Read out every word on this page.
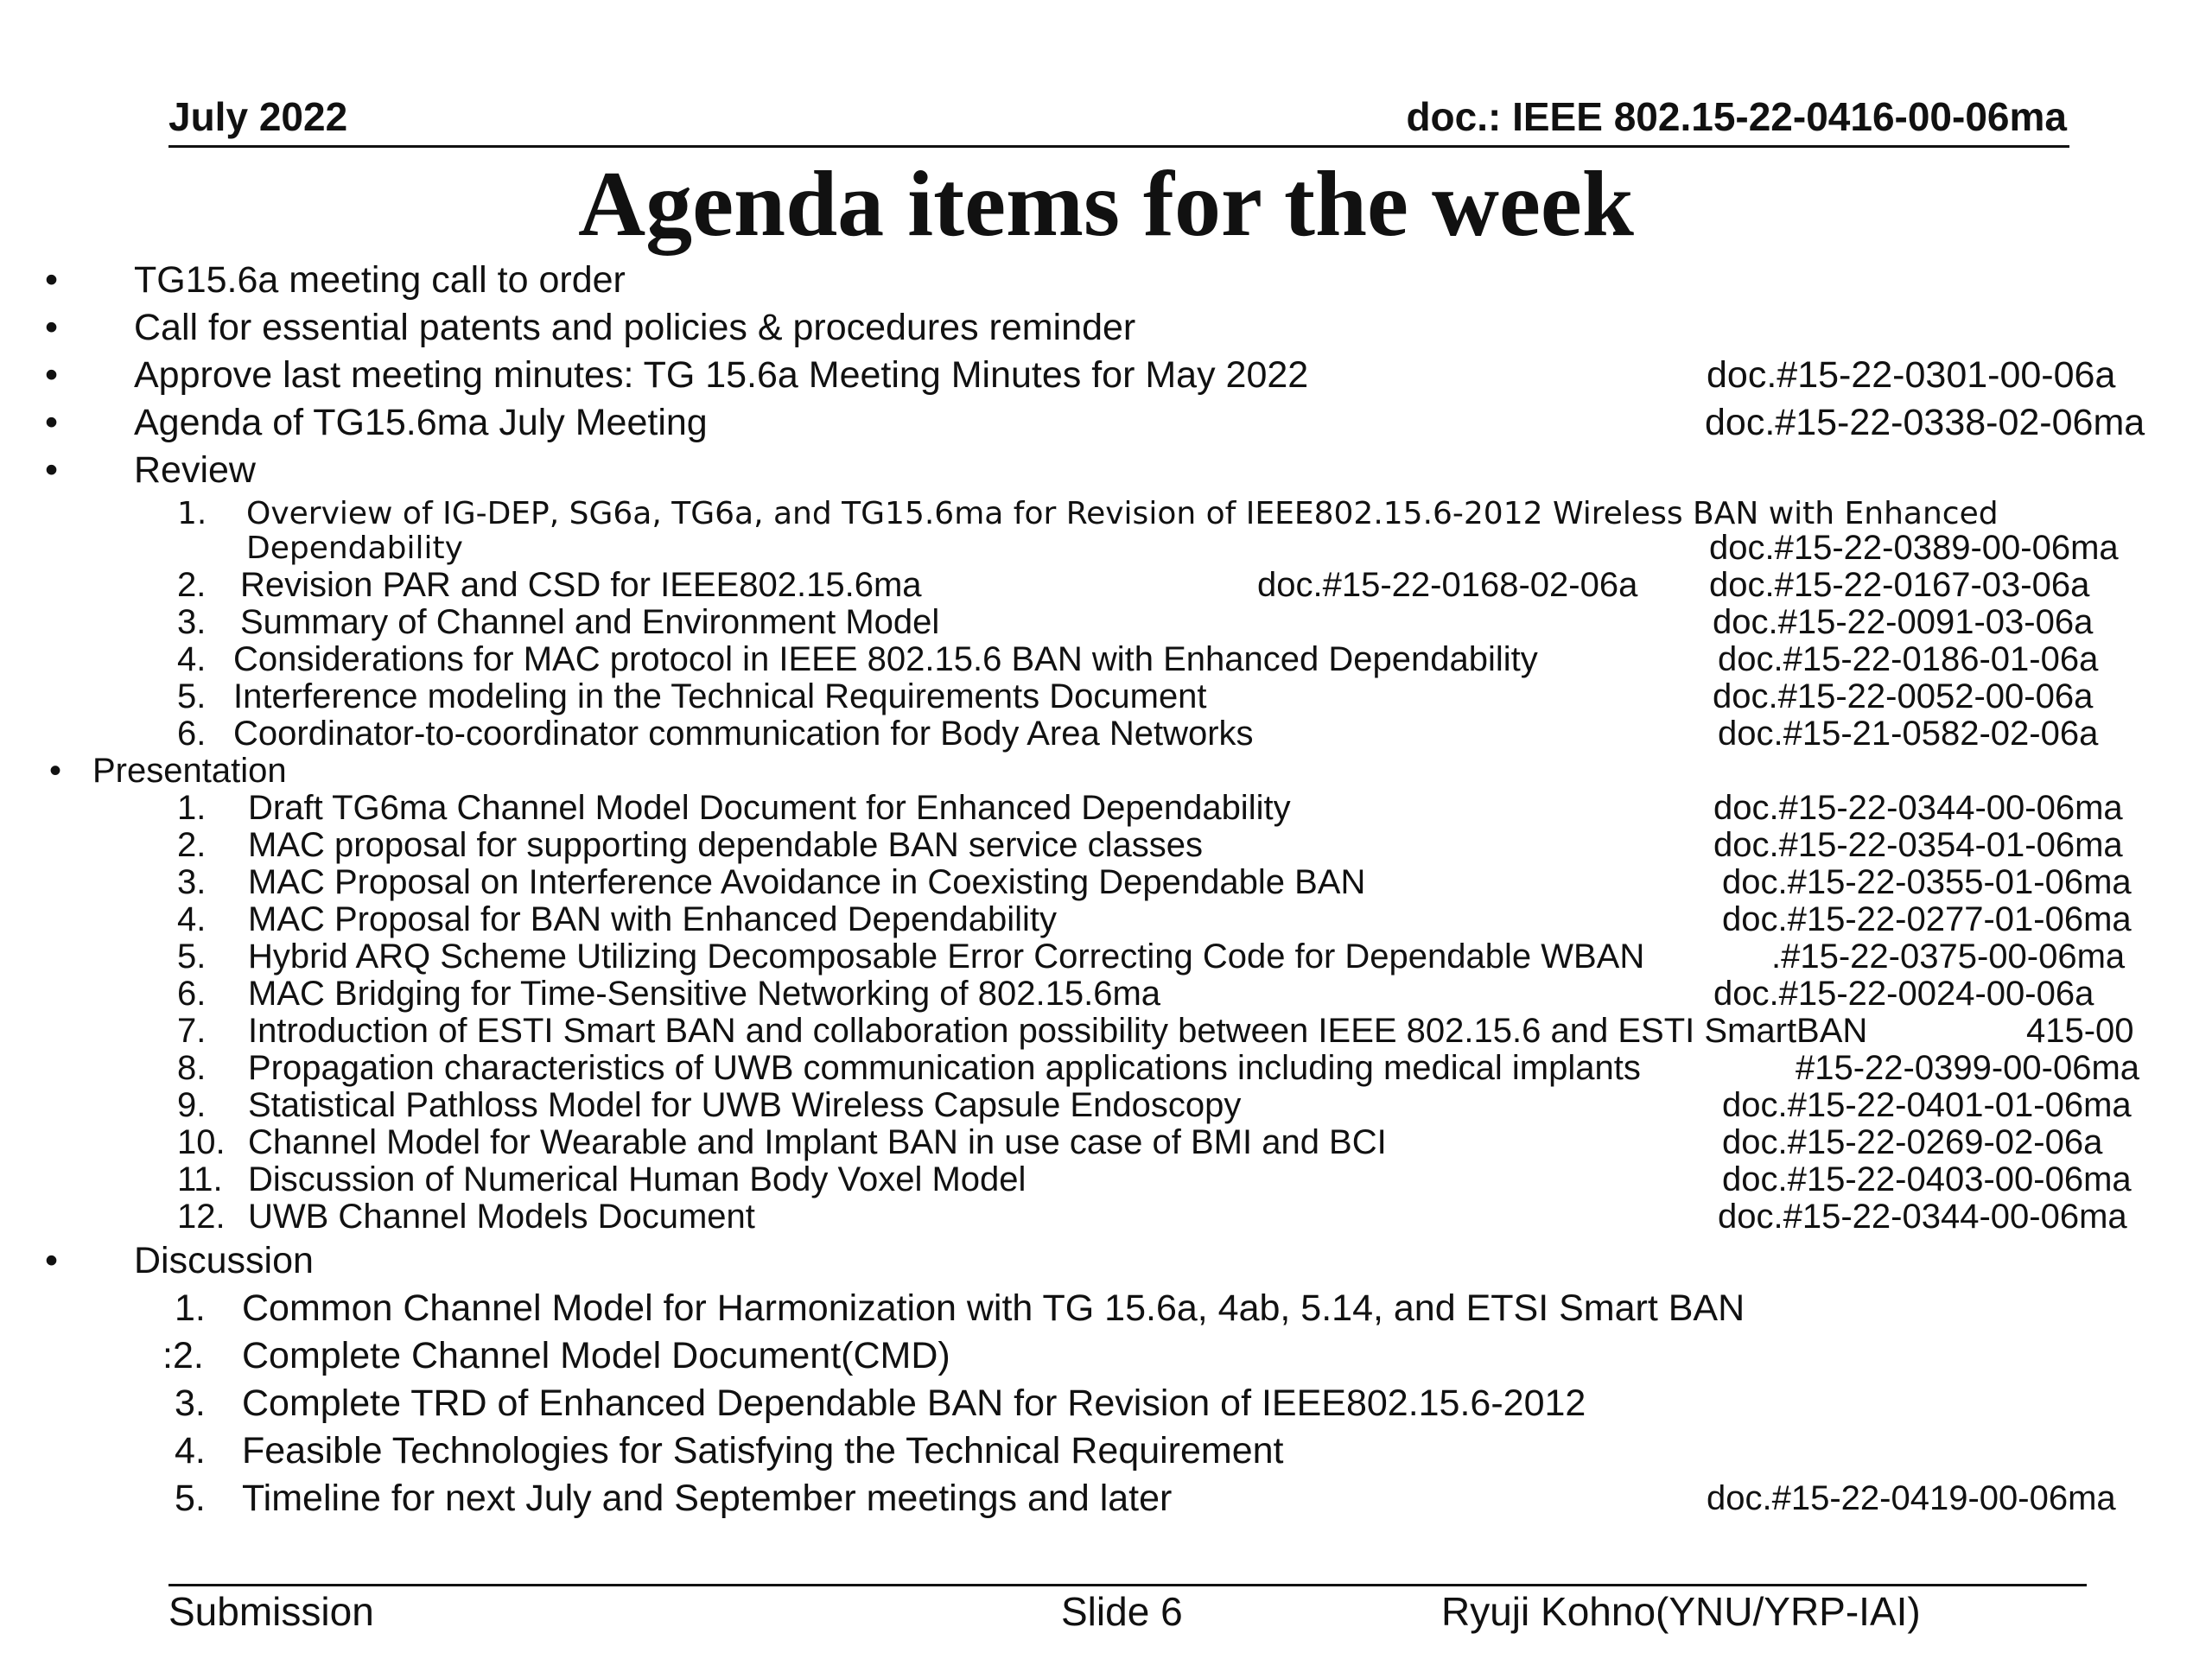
July 2022	doc.: IEEE 802.15-22-0416-00-06ma
Agenda items for the week
• TG15.6a meeting call to order
• Call for essential patents and policies & procedures reminder
• Approve last meeting minutes: TG 15.6a Meeting Minutes for May 2022	doc.#15-22-0301-00-06a
• Agenda of TG15.6ma July Meeting	doc.#15-22-0338-02-06ma
• Review
1. Overview of IG-DEP, SG6a, TG6a, and TG15.6ma for Revision of IEEE802.15.6-2012 Wireless BAN with Enhanced
Dependability	doc.#15-22-0389-00-06ma
2. Revision PAR and CSD for IEEE802.15.6ma	doc.#15-22-0168-02-06a doc.#15-22-0167-03-06a
3. Summary of Channel and Environment Model	doc.#15-22-0091-03-06a
4. Considerations for MAC protocol in IEEE 802.15.6 BAN with Enhanced Dependability	doc.#15-22-0186-01-06a
5. Interference modeling in the Technical Requirements Document	doc.#15-22-0052-00-06a
6. Coordinator-to-coordinator communication for Body Area Networks	doc.#15-21-0582-02-06a
• Presentation
1. Draft TG6ma Channel Model Document for Enhanced Dependability	doc.#15-22-0344-00-06ma
2. MAC proposal for supporting dependable BAN service classes	doc.#15-22-0354-01-06ma
3. MAC Proposal on Interference Avoidance in Coexisting Dependable BAN	doc.#15-22-0355-01-06ma
4. MAC Proposal for BAN with Enhanced Dependability	doc.#15-22-0277-01-06ma
5. Hybrid ARQ Scheme Utilizing Decomposable Error Correcting Code for Dependable WBAN	.#15-22-0375-00-06ma
6. MAC Bridging for Time-Sensitive Networking of 802.15.6ma	doc.#15-22-0024-00-06a
7. Introduction of ESTI Smart BAN and collaboration possibility between IEEE 802.15.6 and ESTI SmartBAN	415-00
8. Propagation characteristics of UWB communication applications including medical implants	#15-22-0399-00-06ma
9. Statistical Pathloss Model for UWB Wireless Capsule Endoscopy	doc.#15-22-0401-01-06ma
10. Channel Model for Wearable and Implant BAN in use case of BMI and BCI	doc.#15-22-0269-02-06a
11. Discussion of Numerical Human Body Voxel Model	doc.#15-22-0403-00-06ma
12. UWB Channel Models Document	doc.#15-22-0344-00-06ma
• Discussion
1. Common Channel Model for Harmonization with TG 15.6a, 4ab, 5.14, and ETSI Smart BAN
:2. Complete Channel Model Document(CMD)
3. Complete TRD of Enhanced Dependable BAN for Revision of IEEE802.15.6-2012
4. Feasible Technologies for Satisfying the Technical Requirement
5. Timeline for next July and September meetings and later	doc.#15-22-0419-00-06ma
Submission	Slide 6	Ryuji Kohno(YNU/YRP-IAI)
